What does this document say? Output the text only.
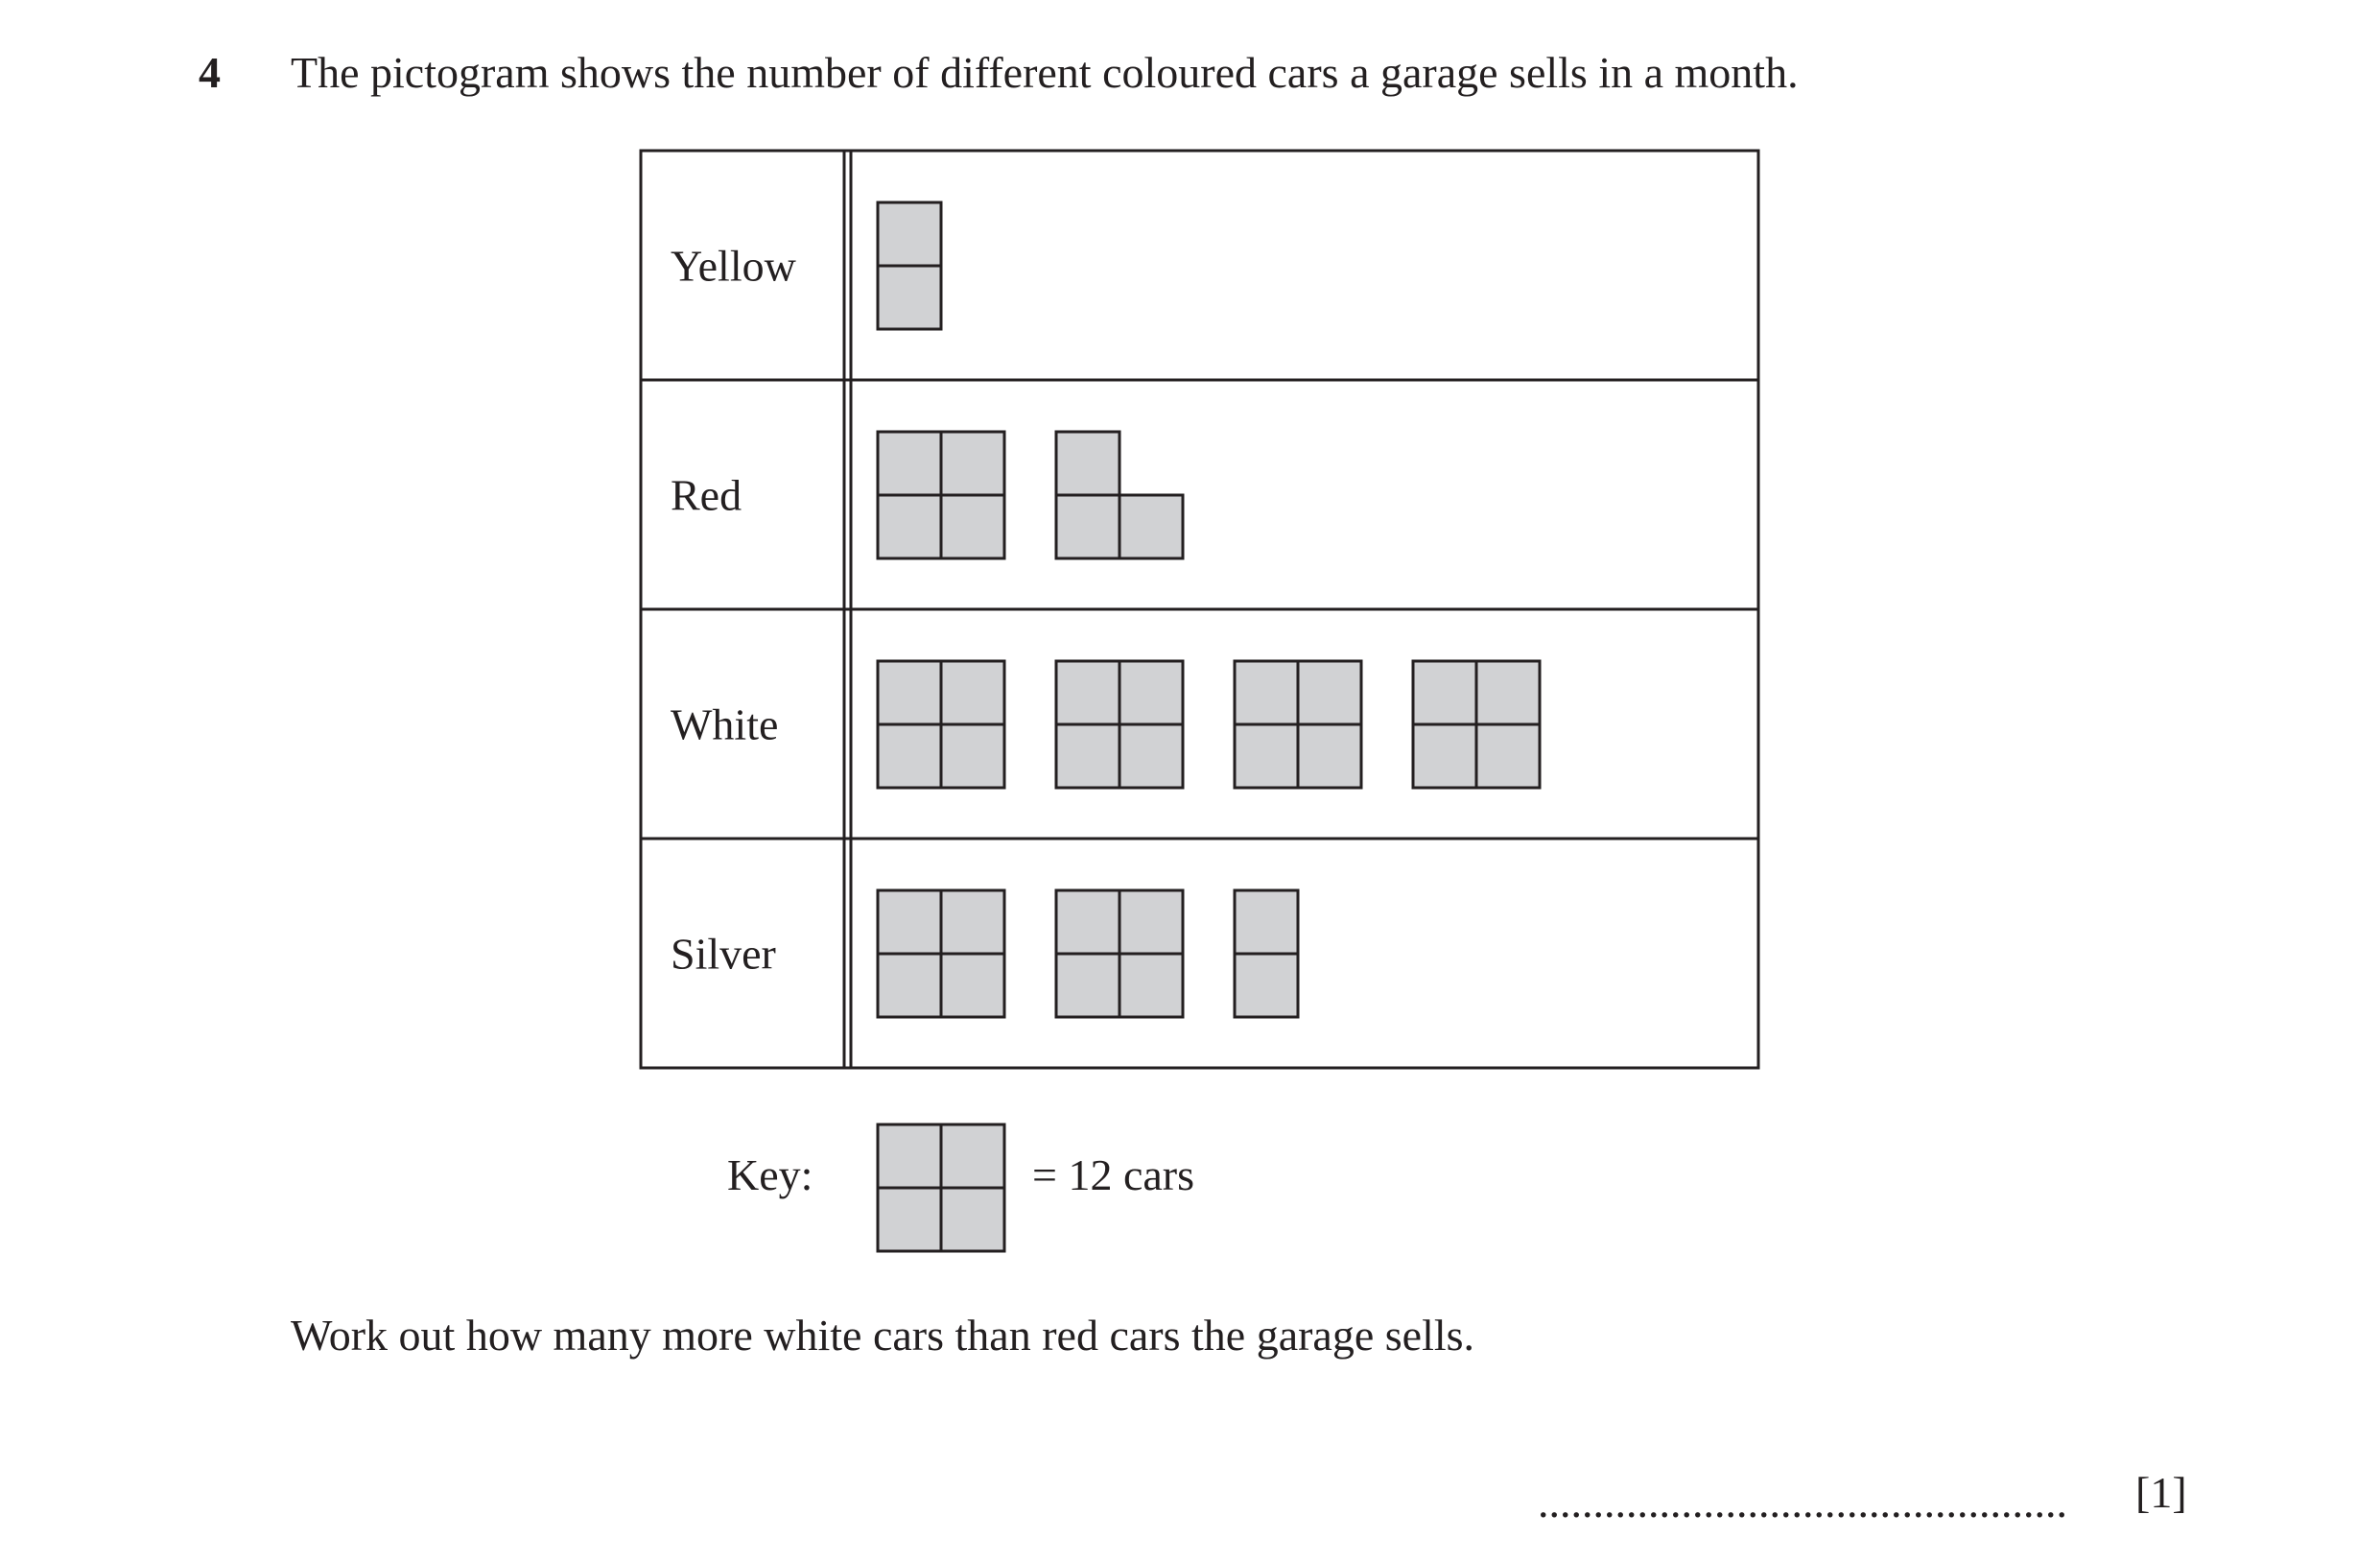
4 The pictogram shows the number of different coloured cars a garage sells in a month.
Yellow
Red
White
Silver
Key:	= 12 cars
Work out how many more white cars than red cars the garage sells.
................................................ [1]
